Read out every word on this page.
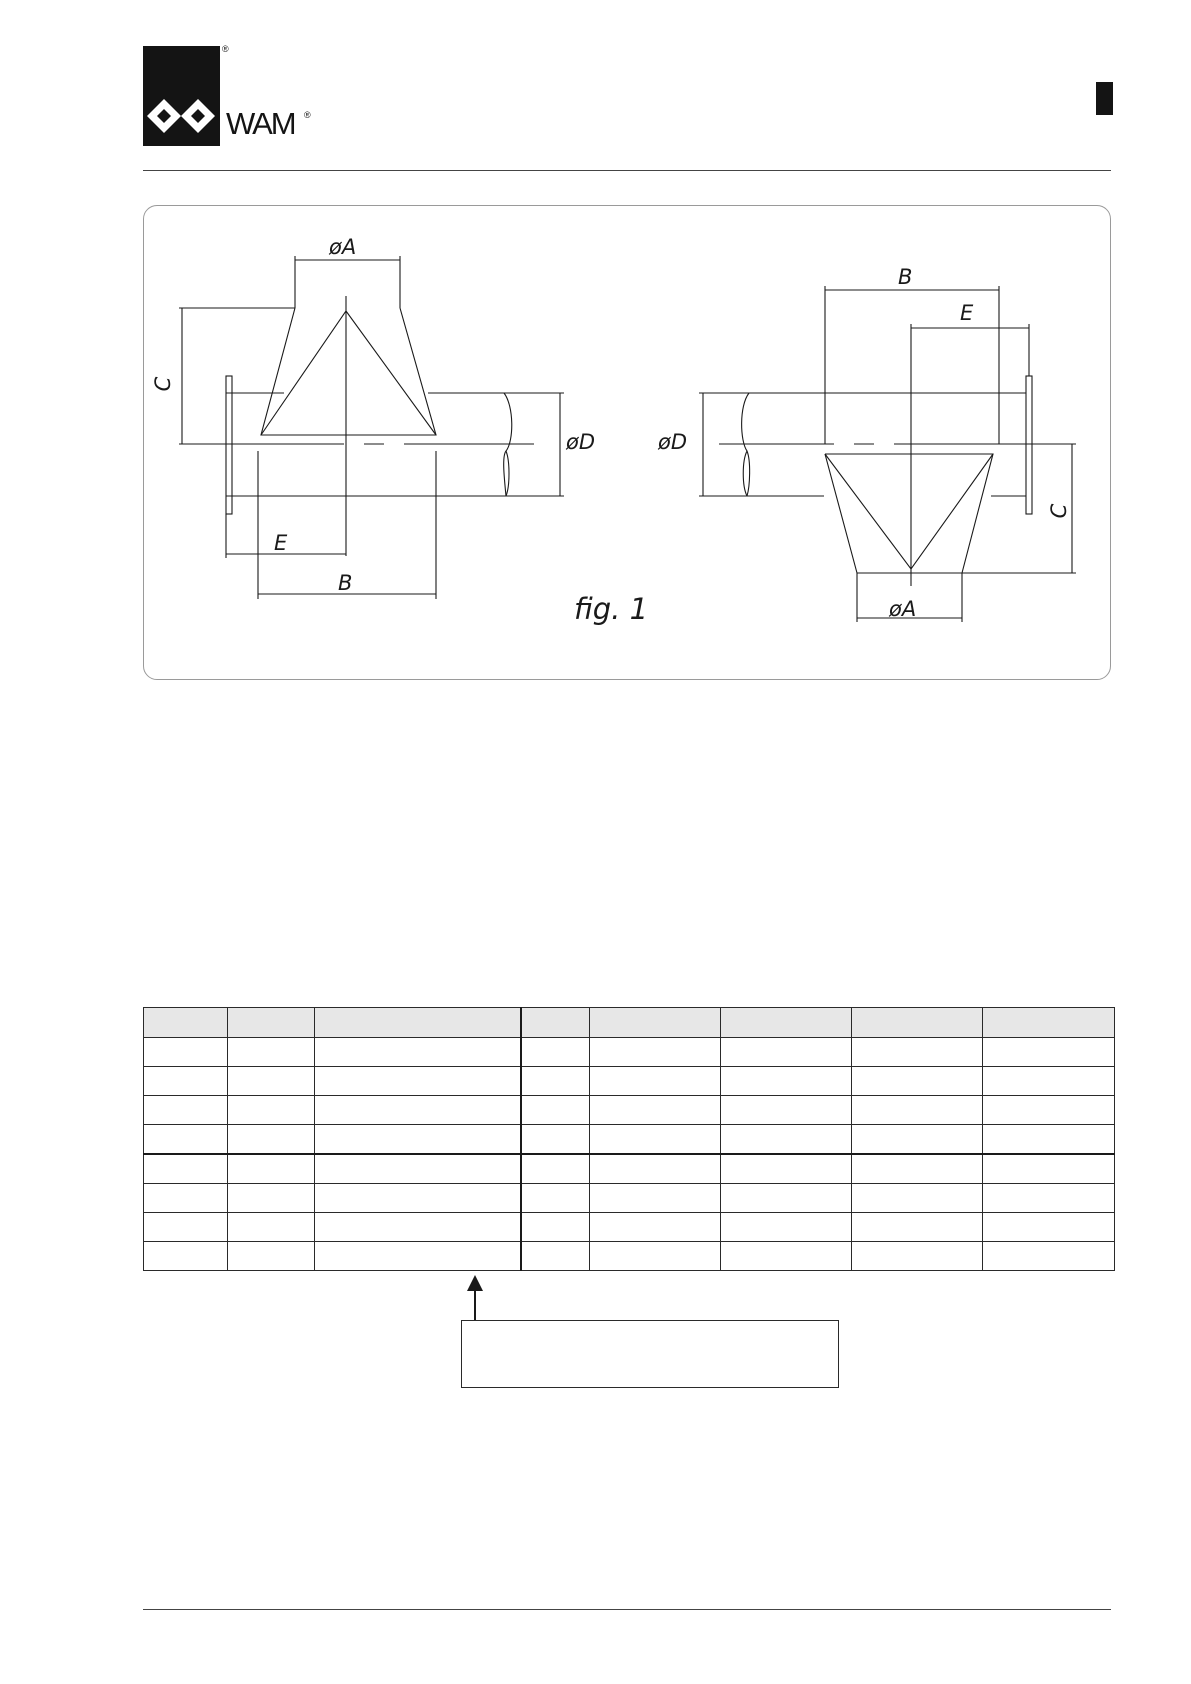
®
WAM ®
øA
C
øD
E
B
fig. 1
B
E
øD
C
øA
